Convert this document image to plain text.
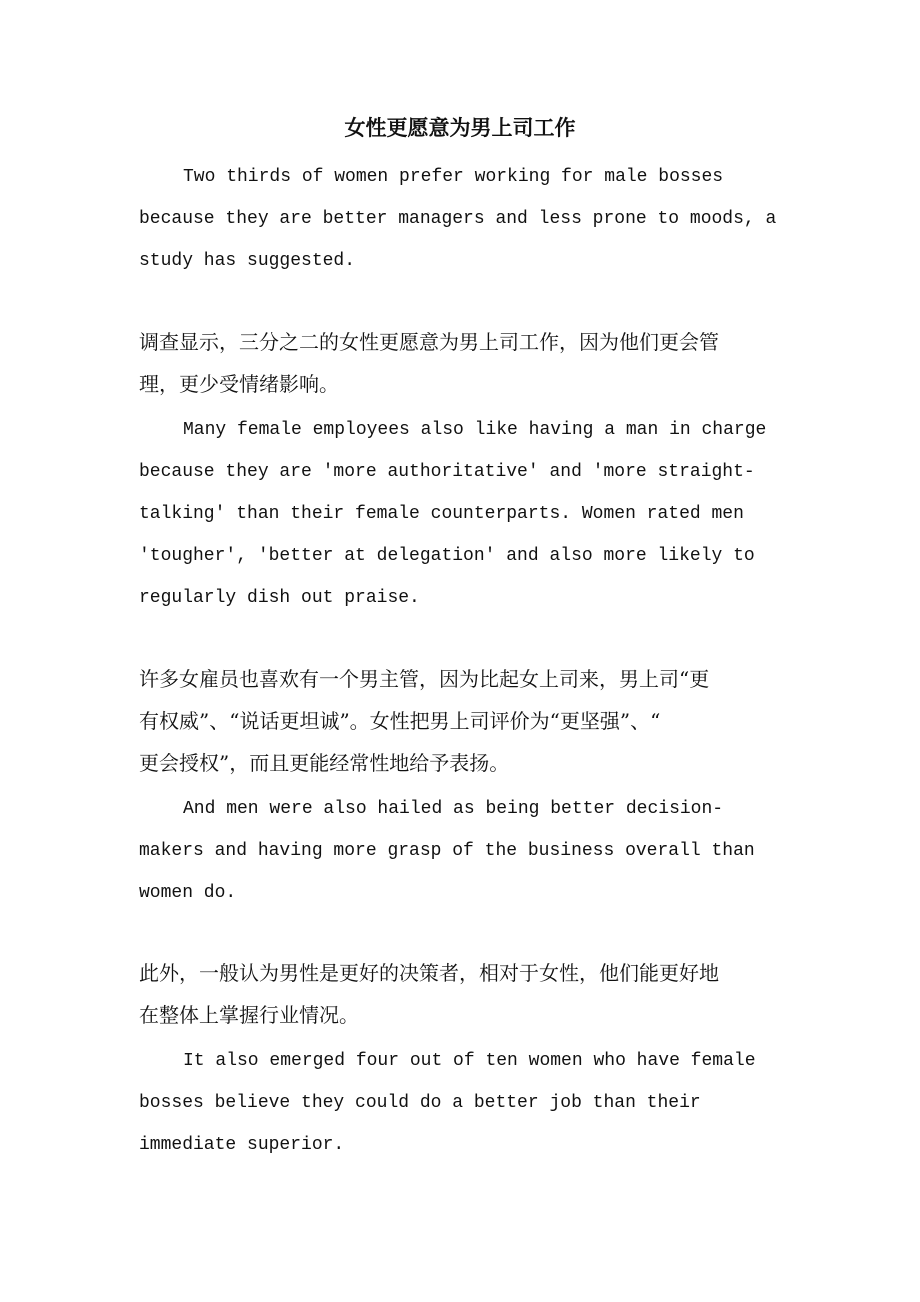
女性更愿意为男上司工作
Two thirds of women prefer working for male bosses
because they are better managers and less prone to moods, a
study has suggested.
调查显示，三分之二的女性更愿意为男上司工作，因为他们更会管
理，更少受情绪影响。
Many female employees also like having a man in charge
because they are 'more authoritative' and 'more straight-
talking' than their female counterparts. Women rated men
'tougher', 'better at delegation' and also more likely to
regularly dish out praise.
许多女雇员也喜欢有一个男主管，因为比起女上司来，男上司“更
有权威”、“说话更坦诚”。女性把男上司评价为“更坚强”、“
更会授权”，而且更能经常性地给予表扬。
And men were also hailed as being better decision-
makers and having more grasp of the business overall than
women do.
此外，一般认为男性是更好的决策者，相对于女性，他们能更好地
在整体上掌握行业情况。
It also emerged four out of ten women who have female
bosses believe they could do a better job than their
immediate superior.
